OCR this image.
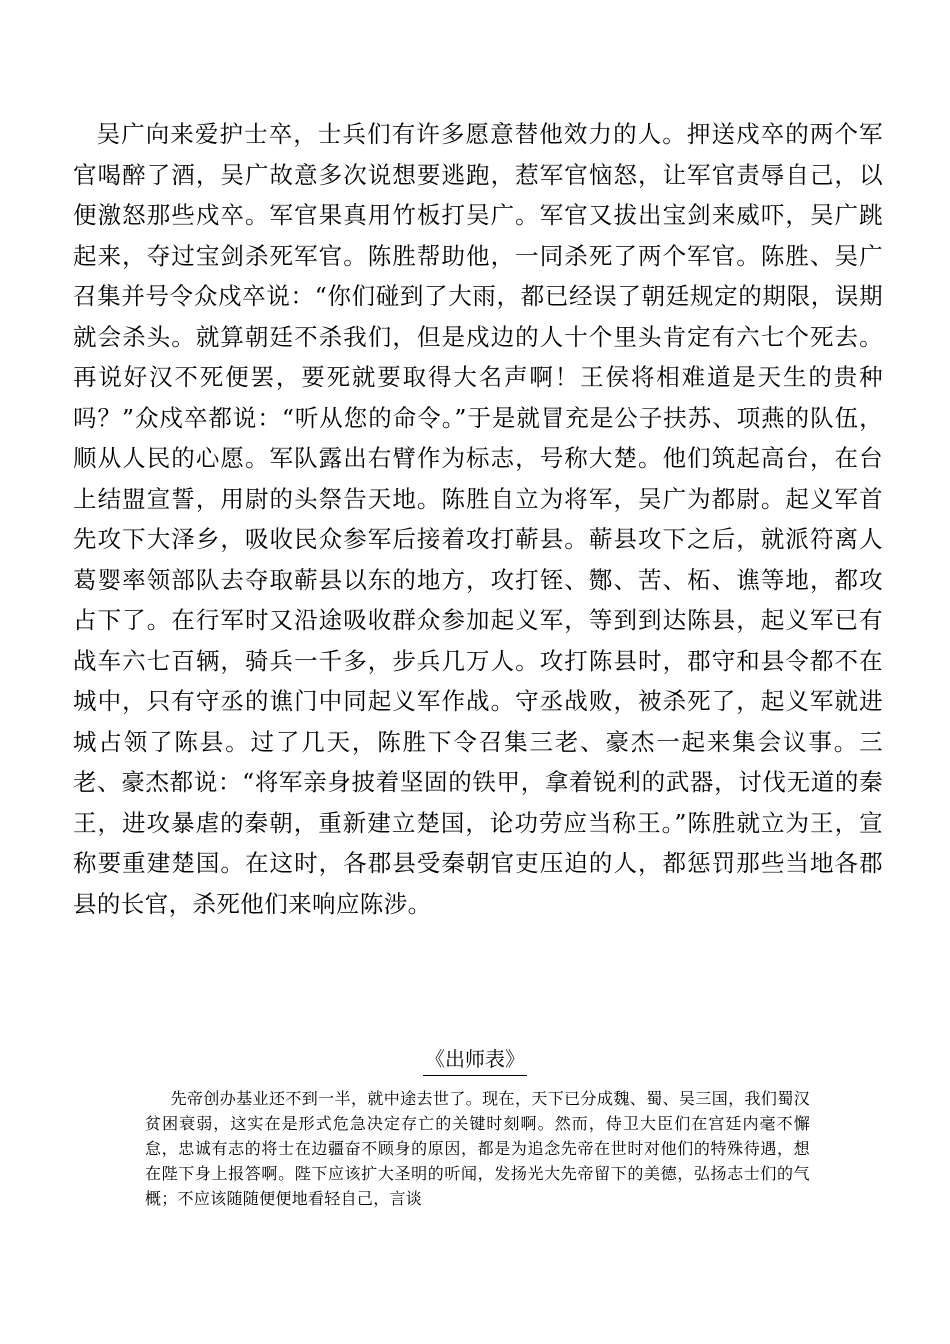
吴广向来爱护士卒，士兵们有许多愿意替他效力的人。押送戍卒的两个军官喝醉了酒，吴广故意多次说想要逃跑，惹军官恼怒，让军官责辱自己，以便激怒那些戍卒。军官果真用竹板打吴广。军官又拔出宝剑来威吓，吴广跳起来，夺过宝剑杀死军官。陈胜帮助他，一同杀死了两个军官。陈胜、吴广召集并号令众戍卒说：“你们碰到了大雨，都已经误了朝廷规定的期限，误期就会杀头。就算朝廷不杀我们，但是戍边的人十个里头肯定有六七个死去。再说好汉不死便罢，要死就要取得大名声啊！王侯将相难道是天生的贵种吗？”众戍卒都说：“听从您的命令。”于是就冒充是公子扶苏、项燕的队伍，顺从人民的心愿。军队露出右臂作为标志，号称大楚。他们筑起高台，在台上结盟宣誓，用尉的头祭告天地。陈胜自立为将军，吴广为都尉。起义军首先攻下大泽乡，吸收民众参军后接着攻打蕲县。蕲县攻下之后，就派符离人葛婴率领部队去夺取蕲县以东的地方，攻打铚、酂、苦、柘、谯等地，都攻占下了。在行军时又沿途吸收群众参加起义军，等到到达陈县，起义军已有战车六七百辆，骑兵一千多，步兵几万人。攻打陈县时，郡守和县令都不在城中，只有守丞的谯门中同起义军作战。守丞战败，被杀死了，起义军就进城占领了陈县。过了几天，陈胜下令召集三老、豪杰一起来集会议事。三老、豪杰都说：“将军亲身披着坚固的铁甲，拿着锐利的武器，讨伐无道的秦王，进攻暴虐的秦朝，重新建立楚国，论功劳应当称王。”陈胜就立为王，宣称要重建楚国。在这时，各郡县受秦朝官吏压迫的人，都惩罚那些当地各郡县的长官，杀死他们来响应陈涉。

《出师表》

先帝创办基业还不到一半，就中途去世了。现在，天下已分成魏、蜀、吴三国，我们蜀汉贫困衰弱，这实在是形式危急决定存亡的关键时刻啊。然而，侍卫大臣们在宫廷内毫不懈怠，忠诚有志的将士在边疆奋不顾身的原因，都是为追念先帝在世时对他们的特殊待遇，想在陛下身上报答啊。陛下应该扩大圣明的听闻，发扬光大先帝留下的美德，弘扬志士们的气概；不应该随随便便地看轻自己，言谈
